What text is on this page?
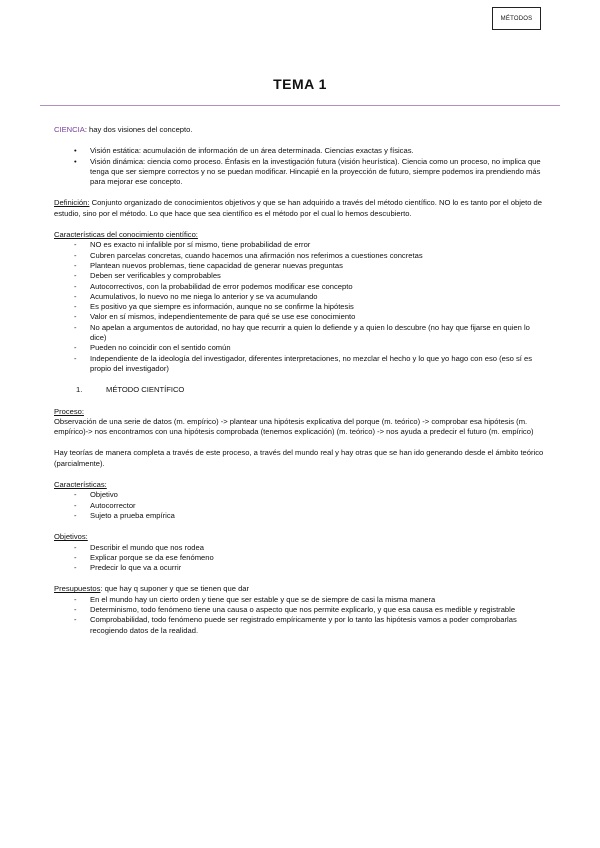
MÉTODOS
TEMA 1

CIENCIA: hay dos visiones del concepto.

• Visión estática: acumulación de información de un área determinada. Ciencias exactas y físicas.
• Visión dinámica: ciencia como proceso. Énfasis en la investigación futura (visión heurística). Ciencia como un proceso, no implica que tenga que ser siempre correctos y no se puedan modificar. Hincapié en la proyección de futuro, siempre podemos ira prendiendo más para mejorar ese concepto.

Definición: Conjunto organizado de conocimientos objetivos y que se han adquirido a través del método científico. NO lo es tanto por el objeto de estudio, sino por el método. Lo que hace que sea científico es el método por el cual lo hemos descubierto.

Características del conocimiento científico:

- NO es exacto ni infalible por sí mismo, tiene probabilidad de error
- Cubren parcelas concretas, cuando hacemos una afirmación nos referimos a cuestiones concretas
- Plantean nuevos problemas, tiene capacidad de generar nuevas preguntas
- Deben ser verificables y comprobables
- Autocorrectivos, con la probabilidad de error podemos modificar ese concepto
- Acumulativos, lo nuevo no me niega lo anterior y se va acumulando
- Es positivo ya que siempre es información, aunque no se confirme la hipótesis
- Valor en sí mismos, independientemente de para qué se use ese conocimiento
- No apelan a argumentos de autoridad, no hay que recurrir a quien lo defiende y a quien lo descubre (no hay que fijarse en quien lo dice)
- Pueden no coincidir con el sentido común
- Independiente de la ideología del investigador, diferentes interpretaciones, no mezclar el hecho y lo que yo hago con eso (eso sí es propio del investigador)

1.	MÉTODO CIENTÍFICO

Proceso:

Observación de una serie de datos (m. empírico) -> plantear una hipótesis explicativa del porque (m. teórico) -> comprobar esa hipótesis (m. empírico)-> nos encontramos con una hipótesis comprobada (tenemos explicación) (m. teórico) -> nos ayuda a predecir el futuro (m. empírico)

Hay teorías de manera completa a través de este proceso, a través del mundo real y hay otras que se han ido generando desde el ámbito teórico (parcialmente).

Características:

- Objetivo
- Autocorrector
- Sujeto a prueba empírica

Objetivos:

- Describir el mundo que nos rodea
- Explicar porque se da ese fenómeno
- Predecir lo que va a ocurrir

Presupuestos: que hay q suponer y que se tienen que dar

- En el mundo hay un cierto orden y tiene que ser estable y que se de siempre de casi la misma manera
- Determinismo, todo fenómeno tiene una causa o aspecto que nos permite explicarlo, y que esa causa es medible y registrable
- Comprobabilidad, todo fenómeno puede ser registrado empíricamente y por lo tanto las hipótesis vamos a poder comprobarlas recogiendo datos de la realidad.
